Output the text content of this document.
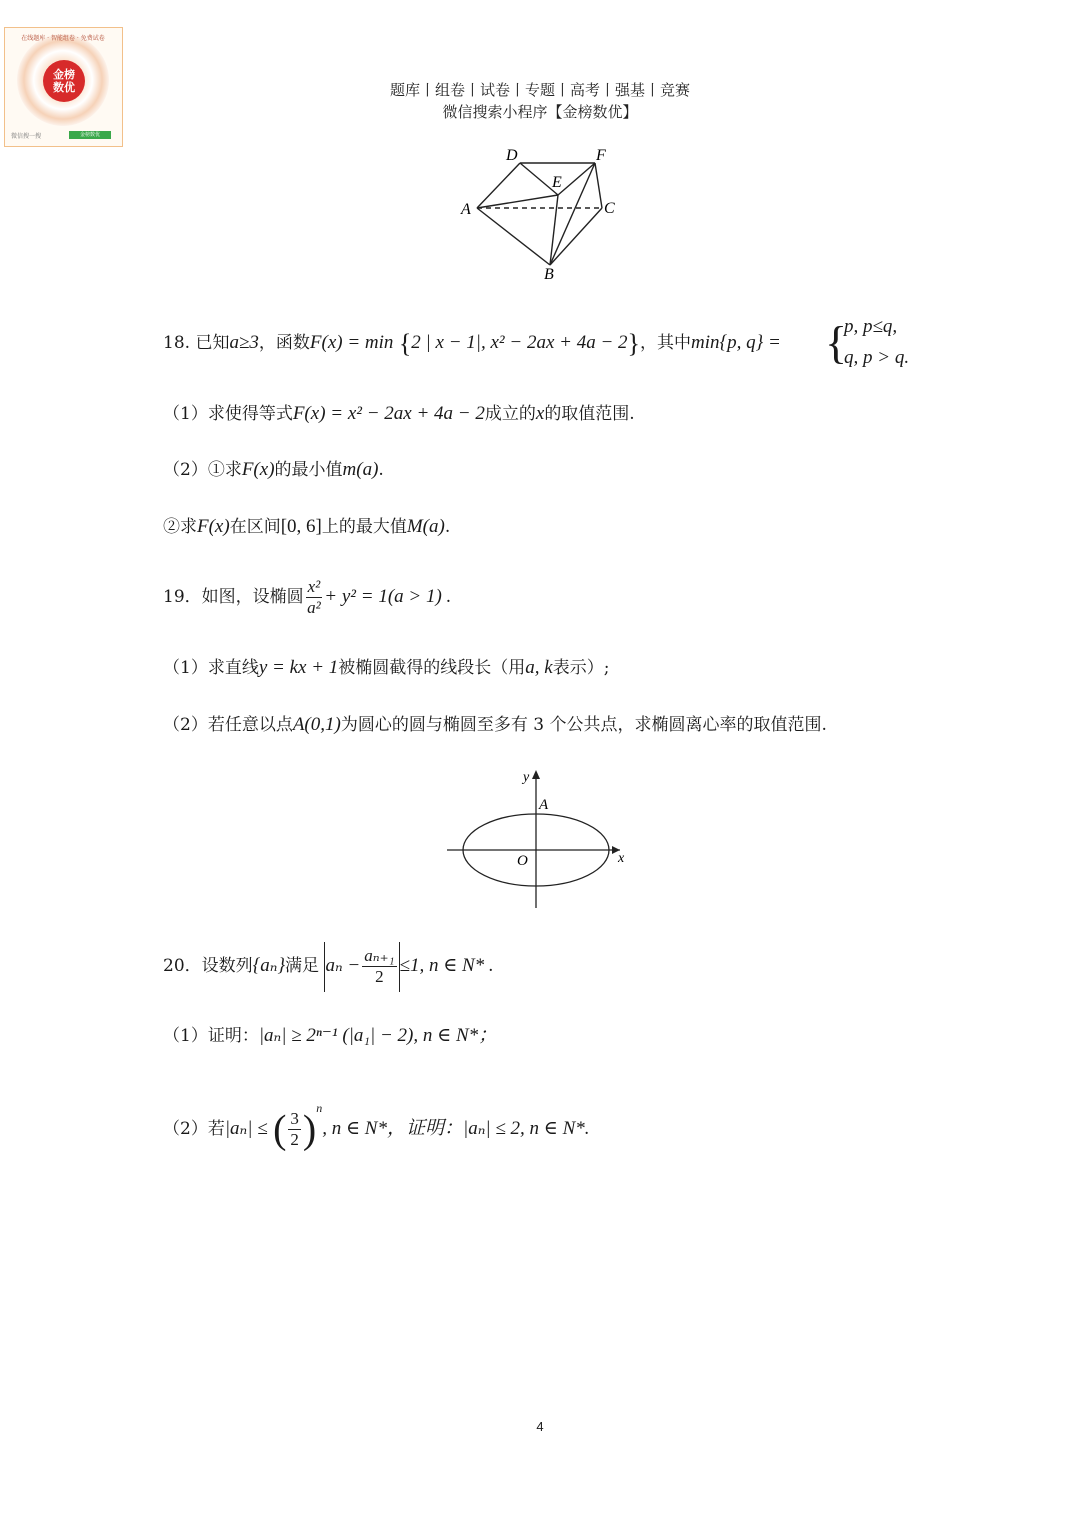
在线题库 · 智能组卷 · 免费试卷
金榜
数优
微信搜一搜	金榜数优
题库丨组卷丨试卷丨专题丨高考丨强基丨竞赛
微信搜索小程序【金榜数优】
D	F
E
A	C
B
18. 已知a≥3，函数F(x) = min {2 | x − 1|, x² − 2ax + 4a − 2}，其中min{p, q} = {
p, p≤q,
q, p > q.
（1）求使得等式F(x) = x² − 2ax + 4a − 2成立的x的取值范围.
（2）①求F(x)的最小值m(a).
②求F(x)在区间[0, 6]上的最大值M(a).
19．如图，设椭圆 $\frac{\text{x²}}{\text{a²}} + y^2 = 1(a > 1)$ .
（1）求直线y = kx + 1被椭圆截得的线段长（用a, k表示）;
（2）若任意以点A(0,1)为圆心的圆与椭圆至多有 3 个公共点，求椭圆离心率的取值范围.
y
A
O	x
20．设数列{aₙ}满足 $a_n - \frac{\text{aₙ₊₁}}{2} \le 1$, n ∈ N* .
（1）证明：|aₙ| ≥ 2ⁿ⁻¹ (|a₁| − 2), n ∈ N*；
（2）若|aₙ| ≤ ( $\frac{3}{2} )^n$, n ∈ N*，证明：|aₙ| ≤ 2, n ∈ N*.
4
